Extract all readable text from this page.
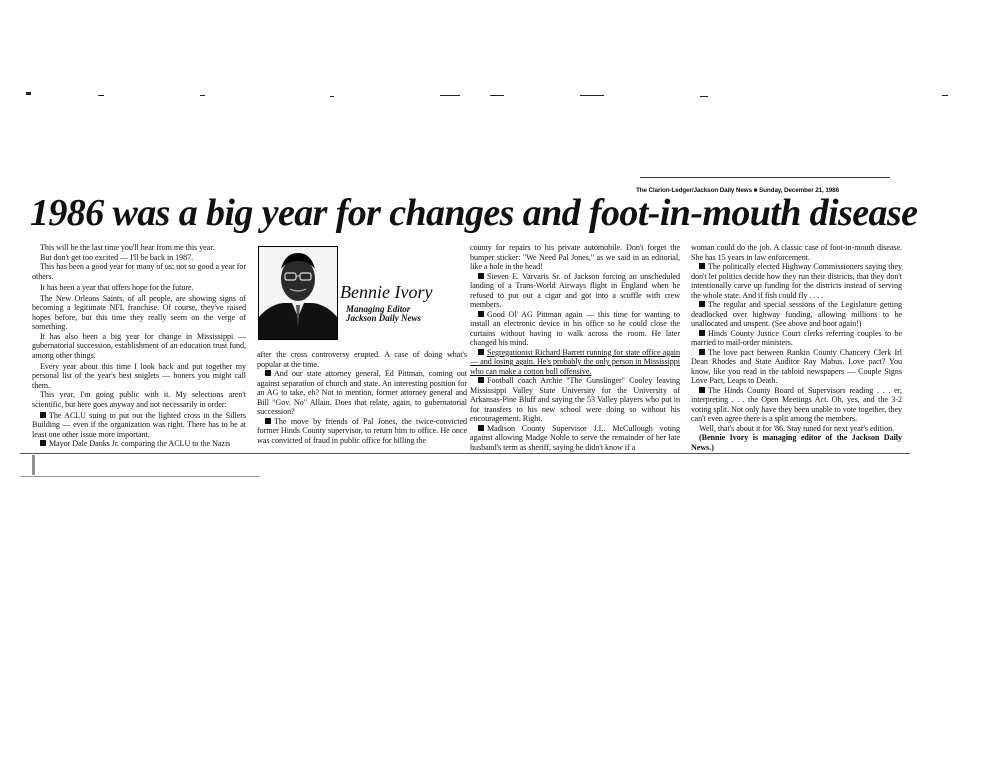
The Clarion-Ledger/Jackson Daily News ■ Sunday, December 21, 1986
1986 was a big year for changes and foot-in-mouth disease

This will be the last time you'll hear from me this year.

But don't get too excited — I'll be back in 1987.

This has been a good year for many of us; not so good a year for others.

It has been a year that offers hope for the future.

The New Orleans Saints, of all people, are showing signs of becoming a legitimate NFL franchise. Of course, they've raised hopes before, but this time they really seem on the verge of something.

It has also been a big year for change in Mississippi — gubernatorial succession, establishment of an education trust fund, among other things.

Every year about this time I look back and put together my personal list of the year's best sniglets — boners you might call them.

This year, I'm going public with it. My selections aren't scientific, but here goes anyway and not necessarily in order:

The ACLU suing to put out the lighted cross in the Sillers Building — even if the organization was right. There has to be at least one other issue more important.

Mayor Dale Danks Jr. comparing the ACLU to the Nazis

Bennie Ivory
Managing Editor
Jackson Daily News

after the cross controversy erupted. A case of doing what's popular at the time.

And our state attorney general, Ed Pittman, coming out against separation of church and state. An interesting position for an AG to take, eh? Not to mention, former attorney general and Bill "Gov. No" Allain. Does that relate, again, to gubernatorial succession?

The move by friends of Pal Jones, the twice-convicted former Hinds County supervisor, to return him to office. He once was convicted of fraud in public office for billing the

county for repairs to his private automobile. Don't forget the bumper sticker: "We Need Pal Jones," as we said in an editorial, like a hole in the head!

Steven E. Varvaris Sr. of Jackson forcing an unscheduled landing of a Trans-World Airways flight in England when he refused to put out a cigar and got into a scuffle with crew members.

Good Ol' AG Pittman again — this time for wanting to install an electronic device in his office so he could close the curtains without having to walk across the room. He later changed his mind.

Segregationist Richard Barrett running for state office again — and losing again. He's probably the only person in Mississippi who can make a cotton boll offensive.

Football coach Archie "The Gunslinger" Cooley leaving Mississippi Valley State University for the University of Arkansas-Pine Bluff and saying the 53 Valley players who put in for transfers to his new school were doing so without his encouragement. Right.

Madison County Supervisor J.L. McCullough voting against allowing Madge Noble to serve the remainder of her late husband's term as sheriff, saying he didn't know if a

woman could do the job. A classic case of foot-in-mouth disease. She has 15 years in law enforcement.

The politically elected Highway Commissioners saying they don't let politics decide how they run their districts, that they don't intentionally carve up funding for the districts instead of serving the whole state. And if fish could fly . . . .

The regular and special sessions of the Legislature getting deadlocked over highway funding, allowing millions to be unallocated and unspent. (See above and hoot again!)

Hinds County Justice Court clerks referring couples to be married to mail-order ministers.

The love pact between Rankin County Chancery Clerk Irl Dean Rhodes and State Auditor Ray Mabus. Love pact? You know, like you read in the tabloid newspapers — Couple Signs Love Pact, Leaps to Death.

The Hinds County Board of Supervisors reading . . . er, interpreting . . . the Open Meetings Act. Oh, yes, and the 3-2 voting split. Not only have they been unable to vote together, they can't even agree there is a split among the members.

Well, that's about it for '86. Stay tuned for next year's edition.

(Bennie Ivory is managing editor of the Jackson Daily News.)
